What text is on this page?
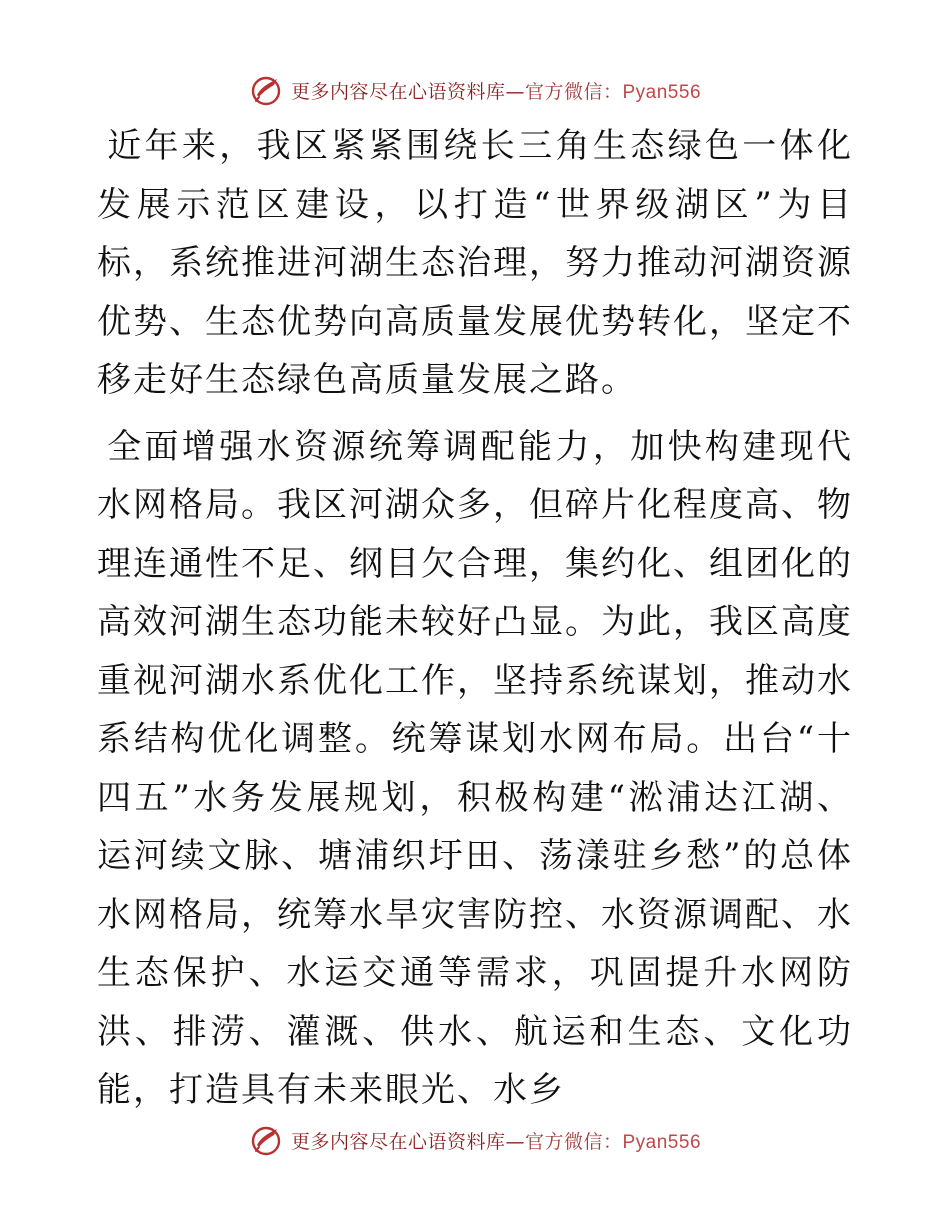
更多内容尽在心语资料库—官方微信：Pyan556

近年来，我区紧紧围绕长三角生态绿色一体化发展示范区建设，以打造“世界级湖区”为目标，系统推进河湖生态治理，努力推动河湖资源优势、生态优势向高质量发展优势转化，坚定不移走好生态绿色高质量发展之路。

全面增强水资源统筹调配能力，加快构建现代水网格局。我区河湖众多，但碎片化程度高、物理连通性不足、纲目欠合理，集约化、组团化的高效河湖生态功能未较好凸显。为此，我区高度重视河湖水系优化工作，坚持系统谋划，推动水系结构优化调整。统筹谋划水网布局。出台“十四五”水务发展规划，积极构建“淞浦达江湖、运河续文脉、塘浦织圩田、荡漾驻乡愁”的总体水网格局，统筹水旱灾害防控、水资源调配、水生态保护、水运交通等需求，巩固提升水网防洪、排涝、灌溉、供水、航运和生态、文化功能，打造具有未来眼光、水乡

更多内容尽在心语资料库—官方微信：Pyan556
